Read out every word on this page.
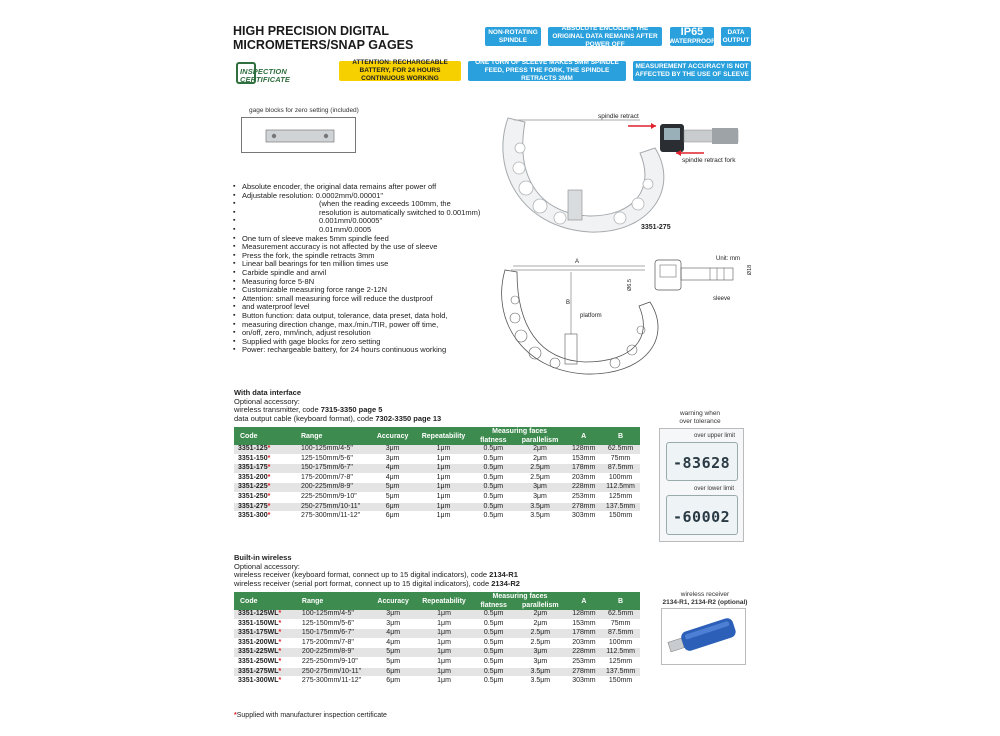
HIGH PRECISION DIGITAL
MICROMETERS/SNAP GAGES
NON-ROTATING SPINDLE
ABSOLUTE ENCODER, THE ORIGINAL DATA REMAINS AFTER POWER OFF
IP65
WATERPROOF
DATA OUTPUT
INSPECTION
CERTIFICATE
ATTENTION: RECHARGEABLE BATTERY, FOR 24 HOURS CONTINUOUS WORKING
ONE TURN OF SLEEVE MAKES 5MM SPINDLE FEED, PRESS THE FORK, THE SPINDLE RETRACTS 3MM
MEASUREMENT ACCURACY IS NOT AFFECTED BY THE USE OF SLEEVE
gage blocks for zero setting (included)
spindle retract
spindle retract fork
3351-275
A
B
Ø6.5
Ø18
Unit: mm
sleeve
platform
▪ Absolute encoder, the original data remains after power off
▪ Adjustable resolution: 0.0002mm/0.00001"
▪ (when the reading exceeds 100mm, the
▪ resolution is automatically switched to 0.001mm)
▪ 0.001mm/0.00005"
▪ 0.01mm/0.0005
▪ One turn of sleeve makes 5mm spindle feed
▪ Measurement accuracy is not affected by the use of sleeve
▪ Press the fork, the spindle retracts 3mm
▪ Linear ball bearings for ten million times use
▪ Carbide spindle and anvil
▪ Measuring force 5-8N
▪ Customizable measuring force range 2-12N
▪ Attention: small measuring force will reduce the dustproof
▪ and waterproof level
▪ Button function: data output, tolerance, data preset, data hold,
▪ measuring direction change, max./min./TIR, power off time,
▪ on/off, zero, mm/inch, adjust resolution
▪ Supplied with gage blocks for zero setting
▪ Power: rechargeable battery, for 24 hours continuous working
With data interface
Optional accessory:
wireless transmitter, code 7315-3350 page 5
data output cable (keyboard format), code 7302-3350 page 13
Code	Range	Accuracy	Repeatability	Measuring faces		A	B
				flatness	parallelism		
3351-125*	100-125mm/4-5"	3μm	1μm	0.5μm	2μm	128mm	62.5mm
3351-150*	125-150mm/5-6"	3μm	1μm	0.5μm	2μm	153mm	75mm
3351-175*	150-175mm/6-7"	4μm	1μm	0.5μm	2.5μm	178mm	87.5mm
3351-200*	175-200mm/7-8"	4μm	1μm	0.5μm	2.5μm	203mm	100mm
3351-225*	200-225mm/8-9"	5μm	1μm	0.5μm	3μm	228mm	112.5mm
3351-250*	225-250mm/9-10"	5μm	1μm	0.5μm	3μm	253mm	125mm
3351-275*	250-275mm/10-11"	6μm	1μm	0.5μm	3.5μm	278mm	137.5mm
3351-300*	275-300mm/11-12"	6μm	1μm	0.5μm	3.5μm	303mm	150mm
Built-in wireless
Optional accessory:
wireless receiver (keyboard format, connect up to 15 digital indicators), code 2134-R1
wireless receiver (serial port format, connect up to 15 digital indicators), code 2134-R2
Code	Range	Accuracy	Repeatability	Measuring faces		A	B
				flatness	parallelism		
3351-125WL*	100-125mm/4-5"	3μm	1μm	0.5μm	2μm	128mm	62.5mm
3351-150WL*	125-150mm/5-6"	3μm	1μm	0.5μm	2μm	153mm	75mm
3351-175WL*	150-175mm/6-7"	4μm	1μm	0.5μm	2.5μm	178mm	87.5mm
3351-200WL*	175-200mm/7-8"	4μm	1μm	0.5μm	2.5μm	203mm	100mm
3351-225WL*	200-225mm/8-9"	5μm	1μm	0.5μm	3μm	228mm	112.5mm
3351-250WL*	225-250mm/9-10"	5μm	1μm	0.5μm	3μm	253mm	125mm
3351-275WL*	250-275mm/10-11"	6μm	1μm	0.5μm	3.5μm	278mm	137.5mm
3351-300WL*	275-300mm/11-12"	6μm	1μm	0.5μm	3.5μm	303mm	150mm
*Supplied with manufacturer inspection certificate
warning when
over tolerance
over upper limit
-83628
over lower limit
-60002
wireless receiver
2134-R1, 2134-R2 (optional)
